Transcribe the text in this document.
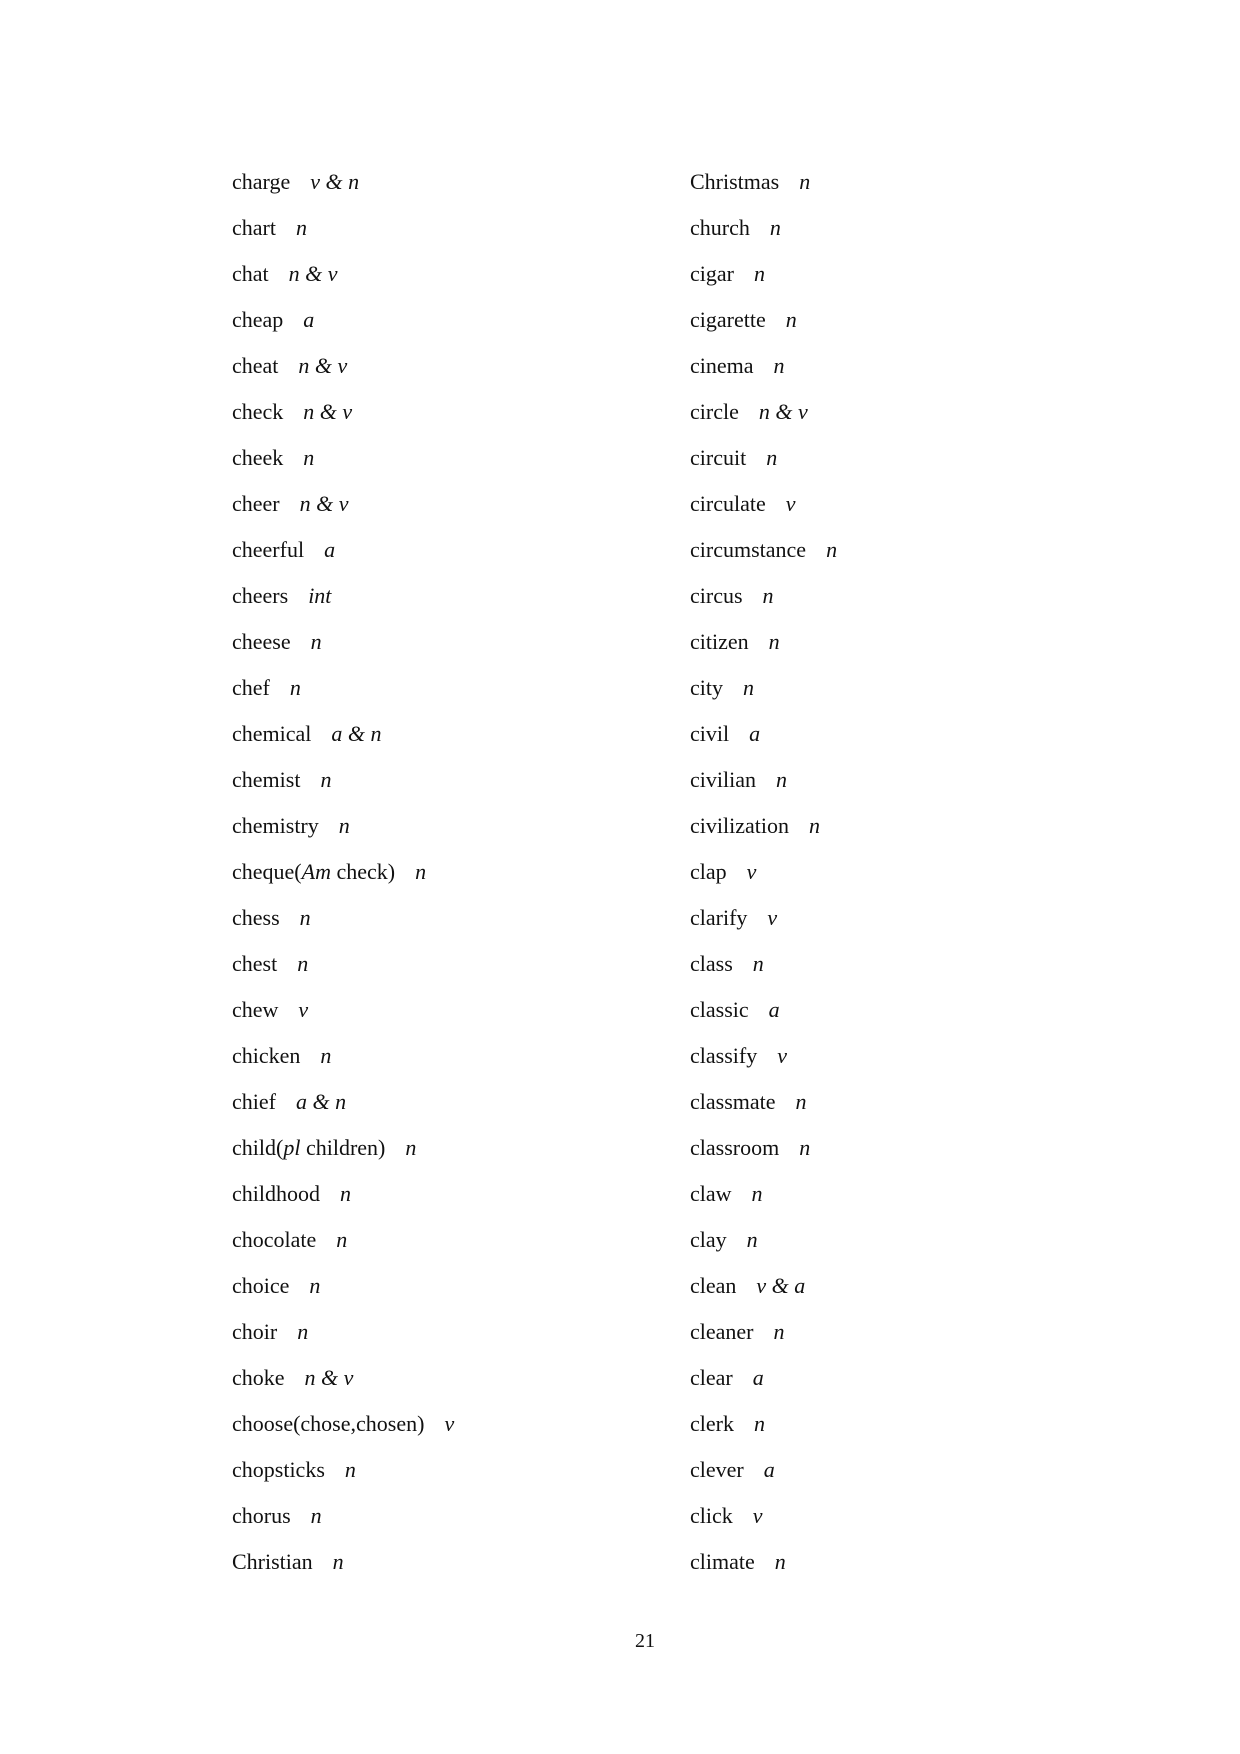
charge v & n
chart n
chat n & v
cheap a
cheat n & v
check n & v
cheek n
cheer n & v
cheerful a
cheers int
cheese n
chef n
chemical a & n
chemist n
chemistry n
cheque(Am check) n
chess n
chest n
chew v
chicken n
chief a & n
child(pl children) n
childhood n
chocolate n
choice n
choir n
choke n & v
choose(chose,chosen) v
chopsticks n
chorus n
Christian n
Christmas n
church n
cigar n
cigarette n
cinema n
circle n & v
circuit n
circulate v
circumstance n
circus n
citizen n
city n
civil a
civilian n
civilization n
clap v
clarify v
class n
classic a
classify v
classmate n
classroom n
claw n
clay n
clean v & a
cleaner n
clear a
clerk n
clever a
click v
climate n
21
